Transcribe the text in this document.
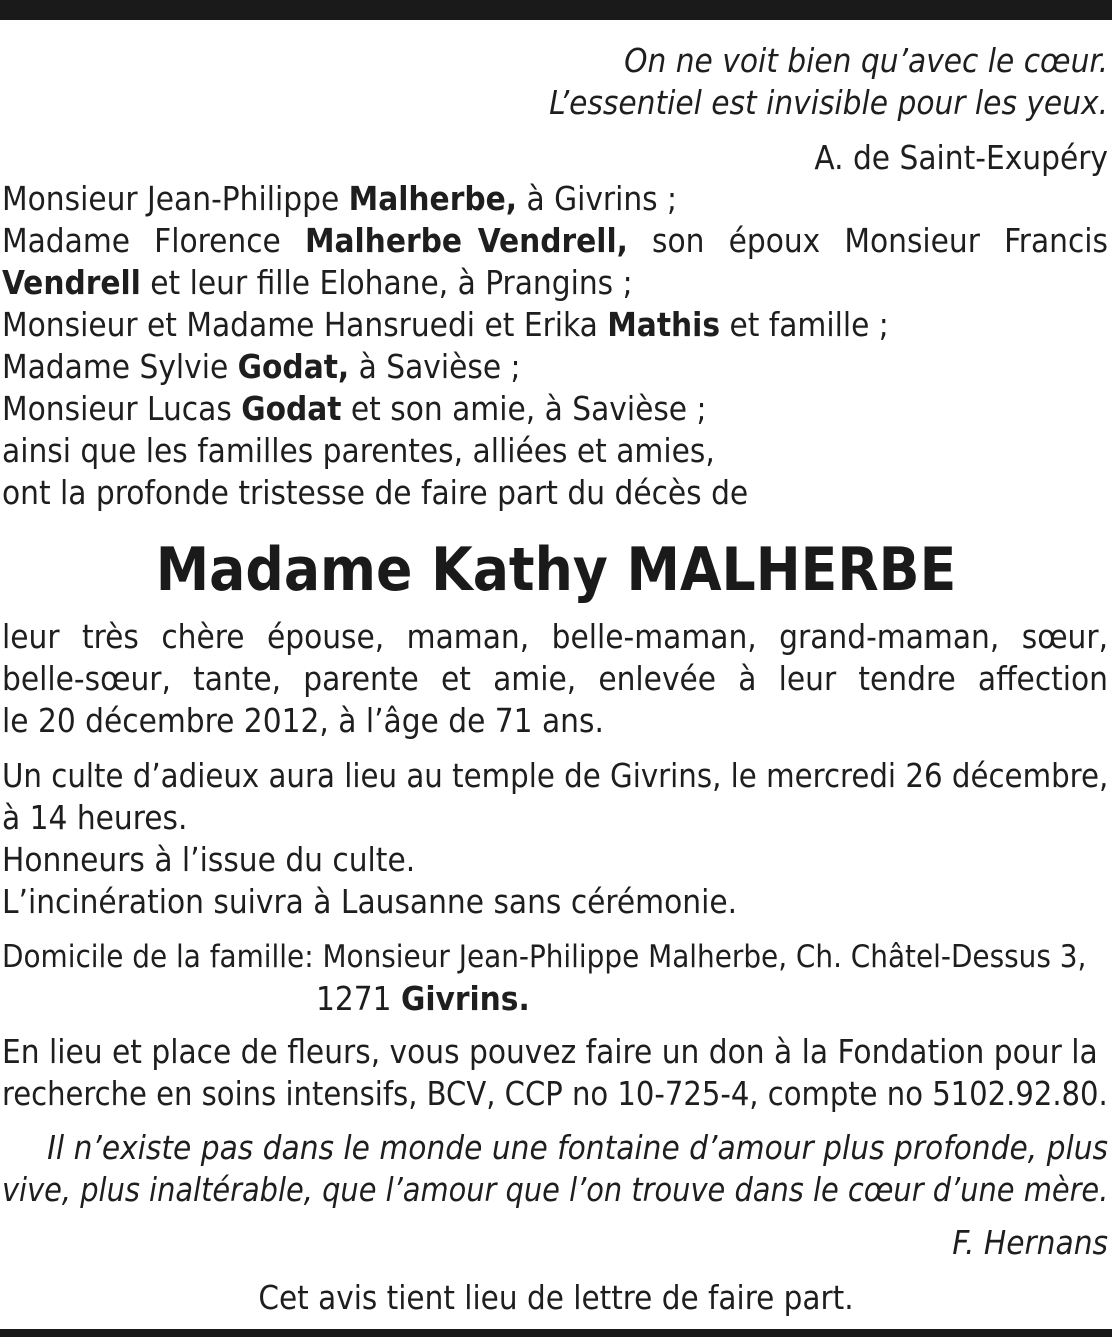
On ne voit bien qu’avec le cœur.
L’essentiel est invisible pour les yeux.
A. de Saint-Exupéry
Monsieur Jean-Philippe Malherbe, à Givrins ;
Madame Florence Malherbe Vendrell, son époux Monsieur Francis
Vendrell et leur fille Elohane, à Prangins ;
Monsieur et Madame Hansruedi et Erika Mathis et famille ;
Madame Sylvie Godat, à Savièse ;
Monsieur Lucas Godat et son amie, à Savièse ;
ainsi que les familles parentes, alliées et amies,
ont la profonde tristesse de faire part du décès de
Madame Kathy MALHERBE
leur très chère épouse, maman, belle-maman, grand-maman, sœur,
belle-sœur, tante, parente et amie, enlevée à leur tendre affection
le 20 décembre 2012, à l’âge de 71 ans.
Un culte d’adieux aura lieu au temple de Givrins, le mercredi 26 décembre,
à 14 heures.
Honneurs à l’issue du culte.
L’incinération suivra à Lausanne sans cérémonie.
Domicile de la famille: Monsieur Jean-Philippe Malherbe, Ch. Châtel-Dessus 3,
1271 Givrins.
En lieu et place de fleurs, vous pouvez faire un don à la Fondation pour la
recherche en soins intensifs, BCV, CCP no 10-725-4, compte no 5102.92.80.
Il n’existe pas dans le monde une fontaine d’amour plus profonde, plus
vive, plus inaltérable, que l’amour que l’on trouve dans le cœur d’une mère.
F. Hernans
Cet avis tient lieu de lettre de faire part.
